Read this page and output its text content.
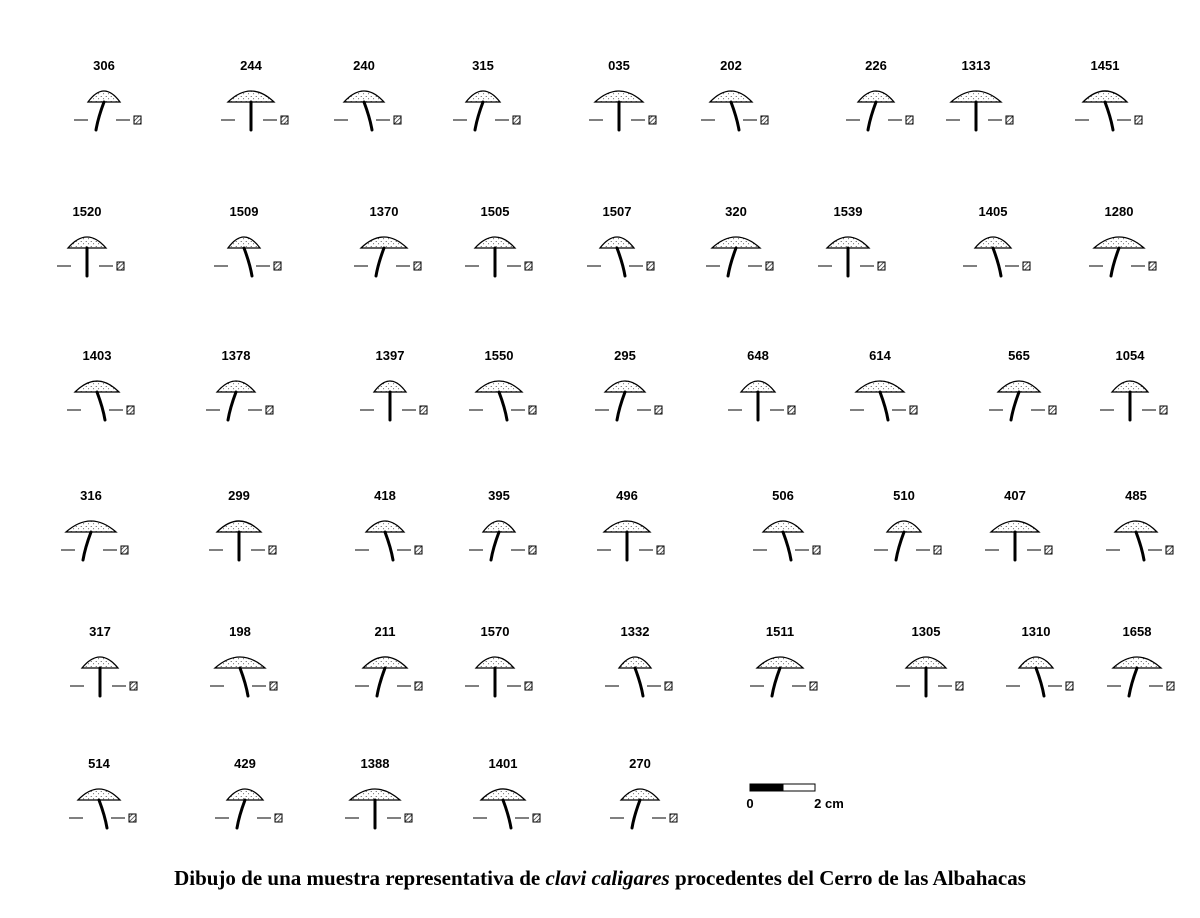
306	244	240	315	035	202	226	1313	1451
1520	1509	1370	1505	1507	320	1539	1405	1280
1403	1378	1397	1550	295	648	614	565	1054
316	299	418	395	496	506	510	407	485
317	198	211	1570	1332	1511	1305	1310	1658
514	429	1388	1401	270
0	2 cm
Dibujo de una muestra representativa de clavi caligares procedentes del Cerro de las Albahacas
